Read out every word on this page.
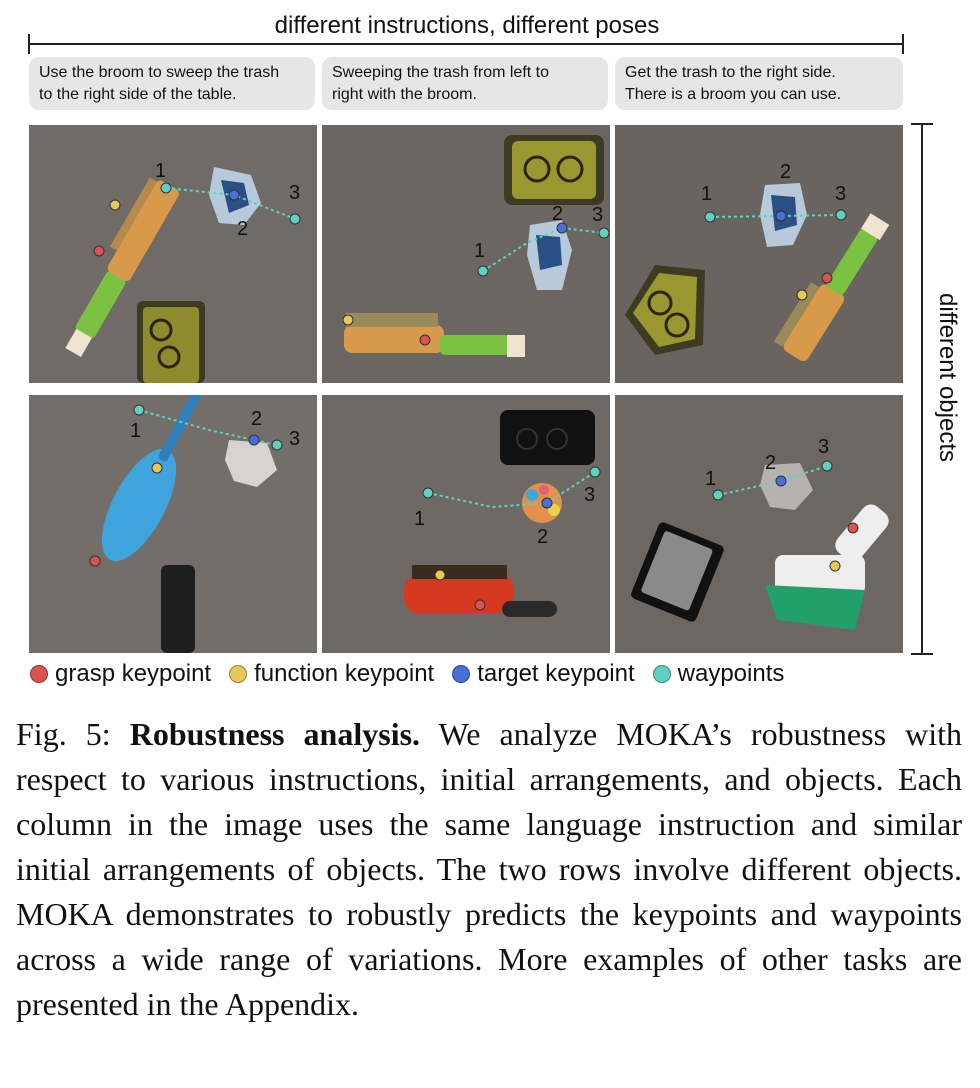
different instructions, different poses
Use the broom to sweep the trash
to the right side of the table.
Sweeping the trash from left to
right with the broom.
Get the trash to the right side.
There is a broom you can use.
1
2
3
1
2 3
1
2
3
1
2
3
1
2
3
1
2
3	different objects
grasp keypoint function keypoint target keypoint waypoints
Fig. 5: Robustness analysis. We analyze MOKA’s robustness with respect to various instructions, initial arrangements, and objects. Each column in the image uses the same language instruction and similar initial arrangements of objects. The two rows involve different objects. MOKA demonstrates to robustly predicts the keypoints and waypoints across a wide range of variations. More examples of other tasks are presented in the Appendix.
